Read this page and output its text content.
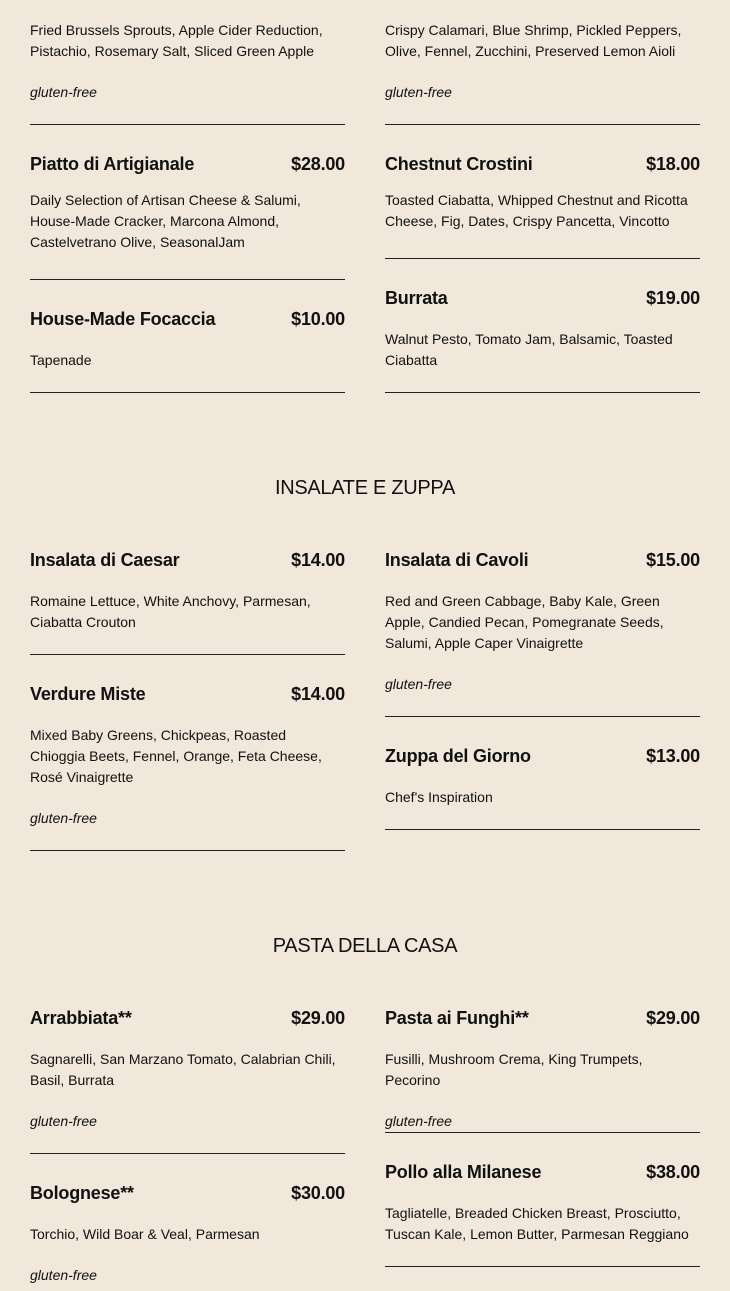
Fried Brussels Sprouts, Apple Cider Reduction, Pistachio, Rosemary Salt, Sliced Green Apple
gluten-free
Crispy Calamari, Blue Shrimp, Pickled Peppers, Olive, Fennel, Zucchini, Preserved Lemon Aioli
gluten-free
Piatto di Artigianale	$28.00
Daily Selection of Artisan Cheese & Salumi, House-Made Cracker, Marcona Almond, Castelvetrano Olive, SeasonalJam
House-Made Focaccia	$10.00
Tapenade
Chestnut Crostini	$18.00
Toasted Ciabatta, Whipped Chestnut and Ricotta Cheese, Fig, Dates, Crispy Pancetta, Vincotto
Burrata	$19.00
Walnut Pesto, Tomato Jam, Balsamic, Toasted Ciabatta
INSALATE E ZUPPA
Insalata di Caesar	$14.00
Romaine Lettuce, White Anchovy, Parmesan, Ciabatta Crouton
Verdure Miste	$14.00
Mixed Baby Greens, Chickpeas, Roasted Chioggia Beets, Fennel, Orange, Feta Cheese, Rosé Vinaigrette
gluten-free
Insalata di Cavoli	$15.00
Red and Green Cabbage, Baby Kale, Green Apple, Candied Pecan, Pomegranate Seeds, Salumi, Apple Caper Vinaigrette
gluten-free
Zuppa del Giorno	$13.00
Chef's Inspiration
PASTA DELLA CASA
Arrabbiata**	$29.00
Sagnarelli, San Marzano Tomato, Calabrian Chili, Basil, Burrata
gluten-free
Bolognese**	$30.00
Torchio, Wild Boar & Veal, Parmesan
gluten-free
Pasta ai Funghi**	$29.00
Fusilli, Mushroom Crema, King Trumpets, Pecorino
gluten-free
Pollo alla Milanese	$38.00
Tagliatelle, Breaded Chicken Breast, Prosciutto, Tuscan Kale, Lemon Butter, Parmesan Reggiano
